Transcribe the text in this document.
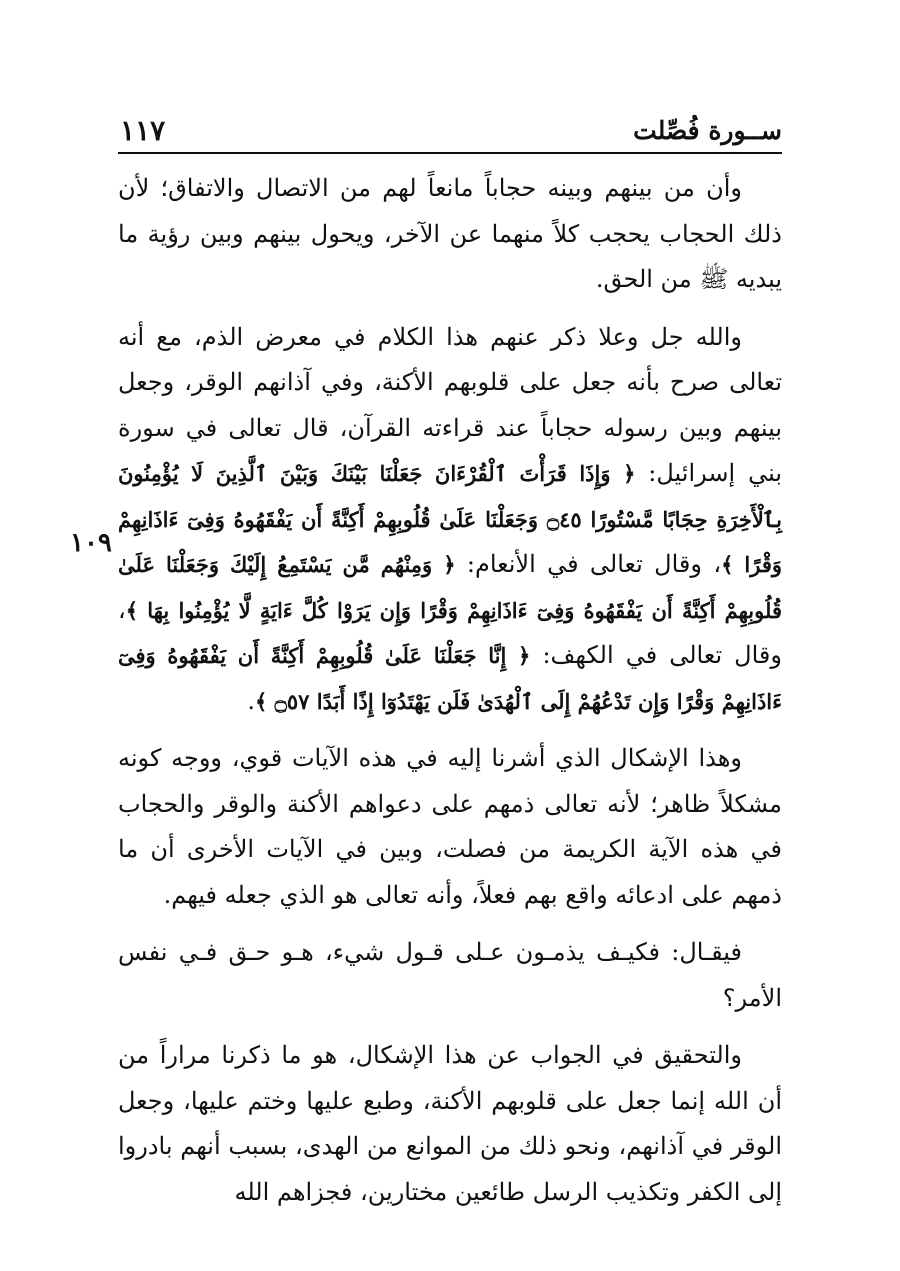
ســورة فُصِّلت
١١٧
١٠٩

وأن من بينهم وبينه حجاباً مانعاً لهم من الاتصال والاتفاق؛ لأن ذلك الحجاب يحجب كلاً منهما عن الآخر، ويحول بينهم وبين رؤية ما يبديه ﷺ من الحق.

والله جل وعلا ذكر عنهم هذا الكلام في معرض الذم، مع أنه تعالى صرح بأنه جعل على قلوبهم الأكنة، وفي آذانهم الوقر، وجعل بينهم وبين رسوله حجاباً عند قراءته القرآن، قال تعالى في سورة بني إسرائيل: ﴿ وَإِذَا قَرَأْتَ ٱلْقُرْءَانَ جَعَلْنَا بَيْنَكَ وَبَيْنَ ٱلَّذِينَ لَا يُؤْمِنُونَ بِٱلْأَخِرَةِ حِجَابًا مَّسْتُورًا ۝٤٥ وَجَعَلْنَا عَلَىٰ قُلُوبِهِمْ أَكِنَّةً أَن يَفْقَهُوهُ وَفِىٓ ءَاذَانِهِمْ وَقْرًا ﴾، وقال تعالى في الأنعام: ﴿ وَمِنْهُم مَّن يَسْتَمِعُ إِلَيْكَ وَجَعَلْنَا عَلَىٰ قُلُوبِهِمْ أَكِنَّةً أَن يَفْقَهُوهُ وَفِىٓ ءَاذَانِهِمْ وَقْرًا وَإِن يَرَوْا كُلَّ ءَايَةٍ لَّا يُؤْمِنُوا بِهَا ﴾، وقال تعالى في الكهف: ﴿ إِنَّا جَعَلْنَا عَلَىٰ قُلُوبِهِمْ أَكِنَّةً أَن يَفْقَهُوهُ وَفِىٓ ءَاذَانِهِمْ وَقْرًا وَإِن تَدْعُهُمْ إِلَى ٱلْهُدَىٰ فَلَن يَهْتَدُوٓا إِذًا أَبَدًا ۝٥٧ ﴾.

وهذا الإشكال الذي أشرنا إليه في هذه الآيات قوي، ووجه كونه مشكلاً ظاهر؛ لأنه تعالى ذمهم على دعواهم الأكنة والوقر والحجاب في هذه الآية الكريمة من فصلت، وبين في الآيات الأخرى أن ما ذمهم على ادعائه واقع بهم فعلاً، وأنه تعالى هو الذي جعله فيهم.

فيقـال: فكيـف يذمـون عـلى قـول شيء، هـو حـق فـي نفس الأمر؟

والتحقيق في الجواب عن هذا الإشكال، هو ما ذكرنا مراراً من أن الله إنما جعل على قلوبهم الأكنة، وطبع عليها وختم عليها، وجعل الوقر في آذانهم، ونحو ذلك من الموانع من الهدى، بسبب أنهم بادروا إلى الكفر وتكذيب الرسل طائعين مختارين، فجزاهم الله
